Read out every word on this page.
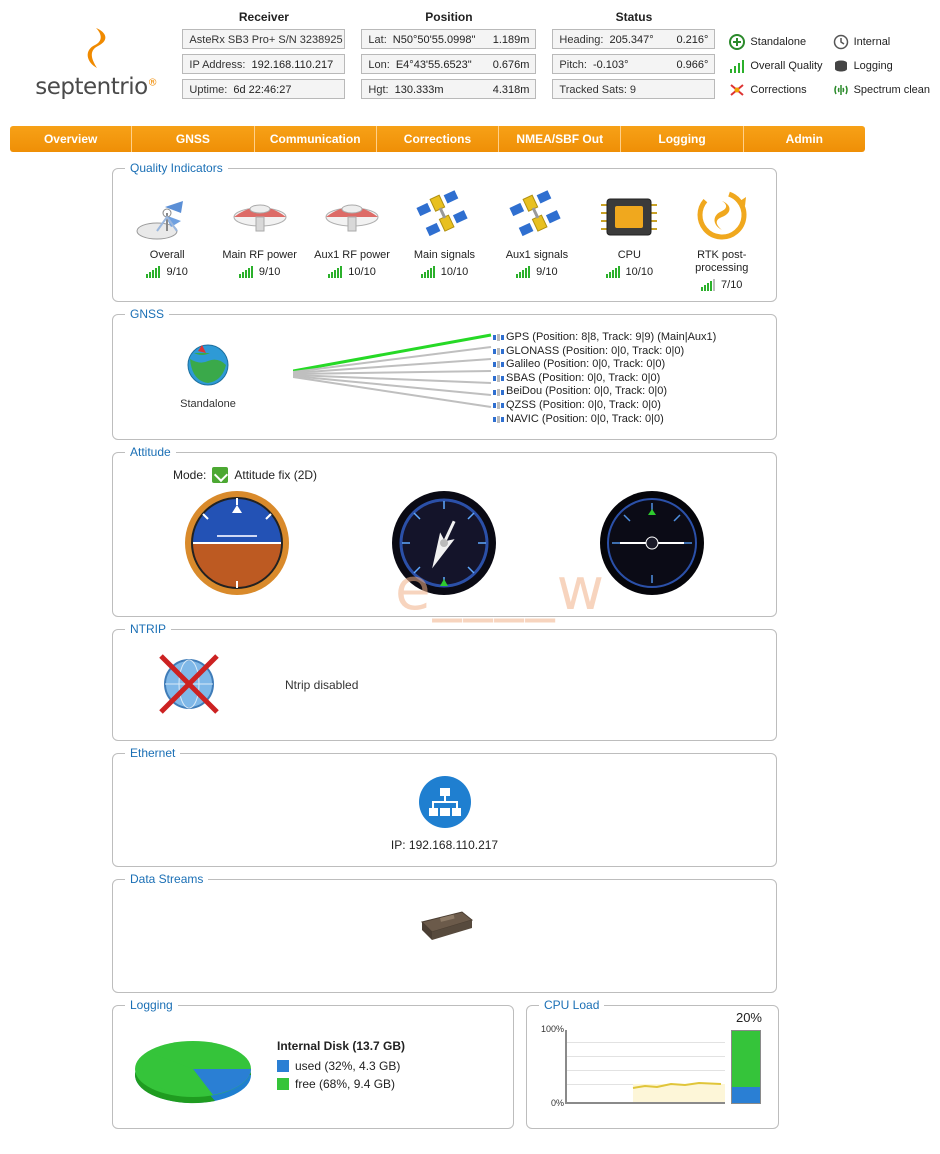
septentrio®
Receiver
AsteRx SB3 Pro+ S/N 3238925
IP Address: 192.168.110.217
Uptime: 6d 22:46:27
Position
Lat: N50°50'55.0998"	1.189m
Lon: E4°43'55.6523"	0.676m
Hgt: 130.333m	4.318m
Status
Heading: 205.347°	0.216°
Pitch: -0.103°	0.966°
Tracked Sats: 9
Standalone
Overall Quality
Corrections
Internal
Logging
Spectrum clean
Overview	GNSS	Communication	Corrections	NMEA/SBF Out	Logging	Admin
Quality Indicators
Overall
9/10
Main RF power
9/10
Aux1 RF power
10/10
Main signals
10/10
Aux1 signals
9/10
CPU
10/10
RTK post-processing
7/10
GNSS
Standalone
GPS (Position: 8|8, Track: 9|9) (Main|Aux1)
GLONASS (Position: 0|0, Track: 0|0)
Galileo (Position: 0|0, Track: 0|0)
SBAS (Position: 0|0, Track: 0|0)
BeiDou (Position: 0|0, Track: 0|0)
QZSS (Position: 0|0, Track: 0|0)
NAVIC (Position: 0|0, Track: 0|0)
Attitude
Mode: Attitude fix (2D)
NTRIP
Ntrip disabled
Ethernet
IP: 192.168.110.217
Data Streams
Logging
Internal Disk (13.7 GB)
used (32%, 4.3 GB)
free (68%, 9.4 GB)
CPU Load
20%
100%
0%
e____w
